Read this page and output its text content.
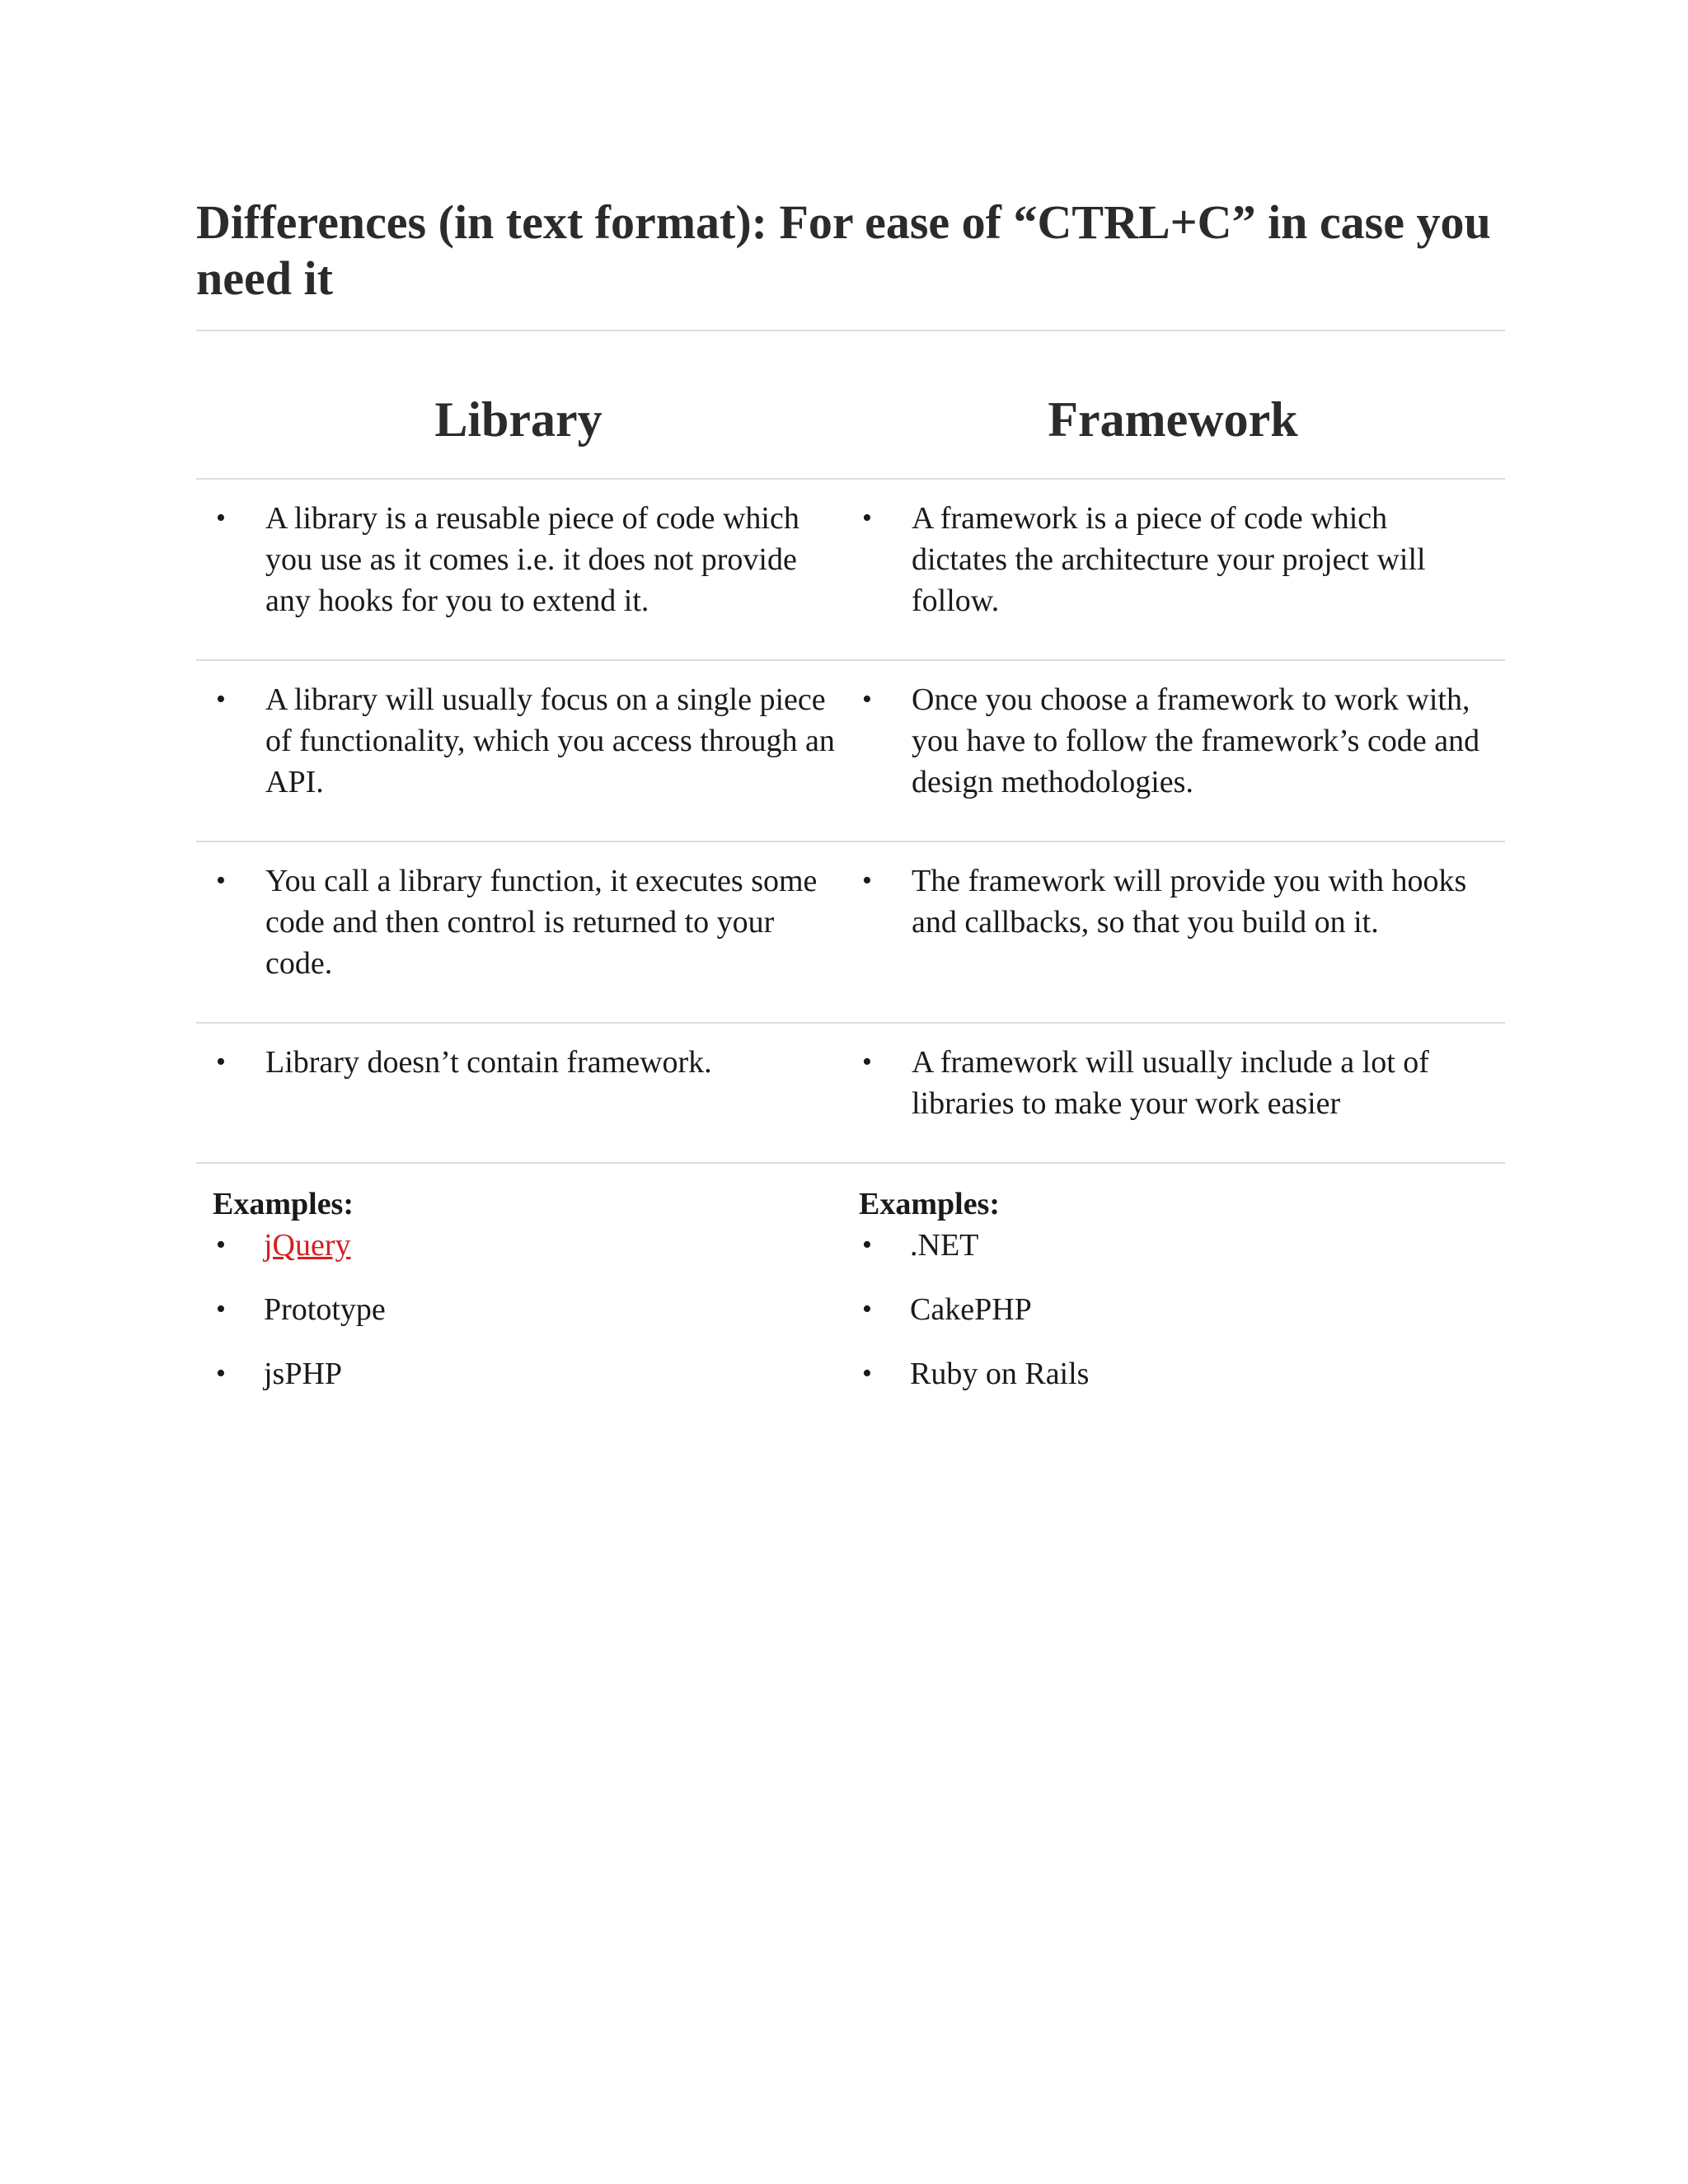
Differences (in text format): For ease of “CTRL+C” in case you need it
Library	Framework
• A library is a reusable piece of code which you use as it comes i.e. it does not provide any hooks for you to extend it.
• A framework is a piece of code which dictates the architecture your project will follow.
• A library will usually focus on a single piece of functionality, which you access through an API.
• Once you choose a framework to work with, you have to follow the framework’s code and design methodologies.
• You call a library function, it executes some code and then control is returned to your code.
• The framework will provide you with hooks and callbacks, so that you build on it.
• Library doesn’t contain framework.	• A framework will usually include a lot of libraries to make your work easier
Examples:
• jQuery
• Prototype
• jsPHP
Examples:
• .NET
• CakePHP
• Ruby on Rails
